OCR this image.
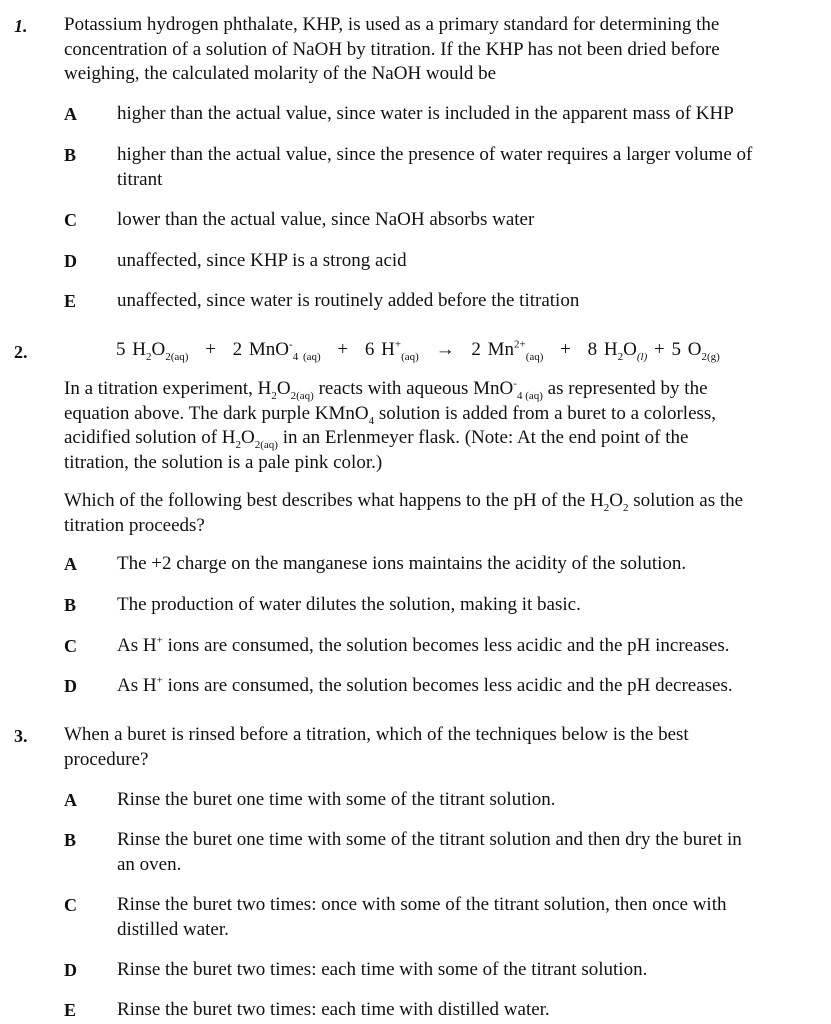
1. Potassium hydrogen phthalate, KHP, is used as a primary standard for determining the
concentration of a solution of NaOH by titration. If the KHP has not been dried before
weighing, the calculated molarity of the NaOH would be
A higher than the actual value, since water is included in the apparent mass of KHP
B higher than the actual value, since the presence of water requires a larger volume of
titrant
C lower than the actual value, since NaOH absorbs water
D unaffected, since KHP is a strong acid
E unaffected, since water is routinely added before the titration
2.	5 $H_2O_{2(aq)} + 2$ MnO-$_{4 (aq)}$ + 6 $H^+_{(aq)} \to 2$ $Mn^{2+}_{(aq)} + 8$ $H_2O_{(l)} + 5$ $O_{2(g)}$
In a titration experiment, $H_2O_{2(aq)}$ reacts with aqueous MnO-$_{4 (aq)}$ as represented by the
equation above. The dark purple KMnO$_4$ solution is added from a buret to a colorless,
acidified solution of $H_2O_{2(aq)}$ in an Erlenmeyer flask. (Note: At the end point of the
titration, the solution is a pale pink color.)
Which of the following best describes what happens to the pH of the $H_2O_2$ solution as the
titration proceeds?
A The +2 charge on the manganese ions maintains the acidity of the solution.
B The production of water dilutes the solution, making it basic.
C As H+ ions are consumed, the solution becomes less acidic and the pH increases.
D As H+ ions are consumed, the solution becomes less acidic and the pH decreases.
3. When a buret is rinsed before a titration, which of the techniques below is the best
procedure?
A Rinse the buret one time with some of the titrant solution.
B Rinse the buret one time with some of the titrant solution and then dry the buret in
an oven.
C Rinse the buret two times: once with some of the titrant solution, then once with
distilled water.
D Rinse the buret two times: each time with some of the titrant solution.
E Rinse the buret two times: each time with distilled water.
